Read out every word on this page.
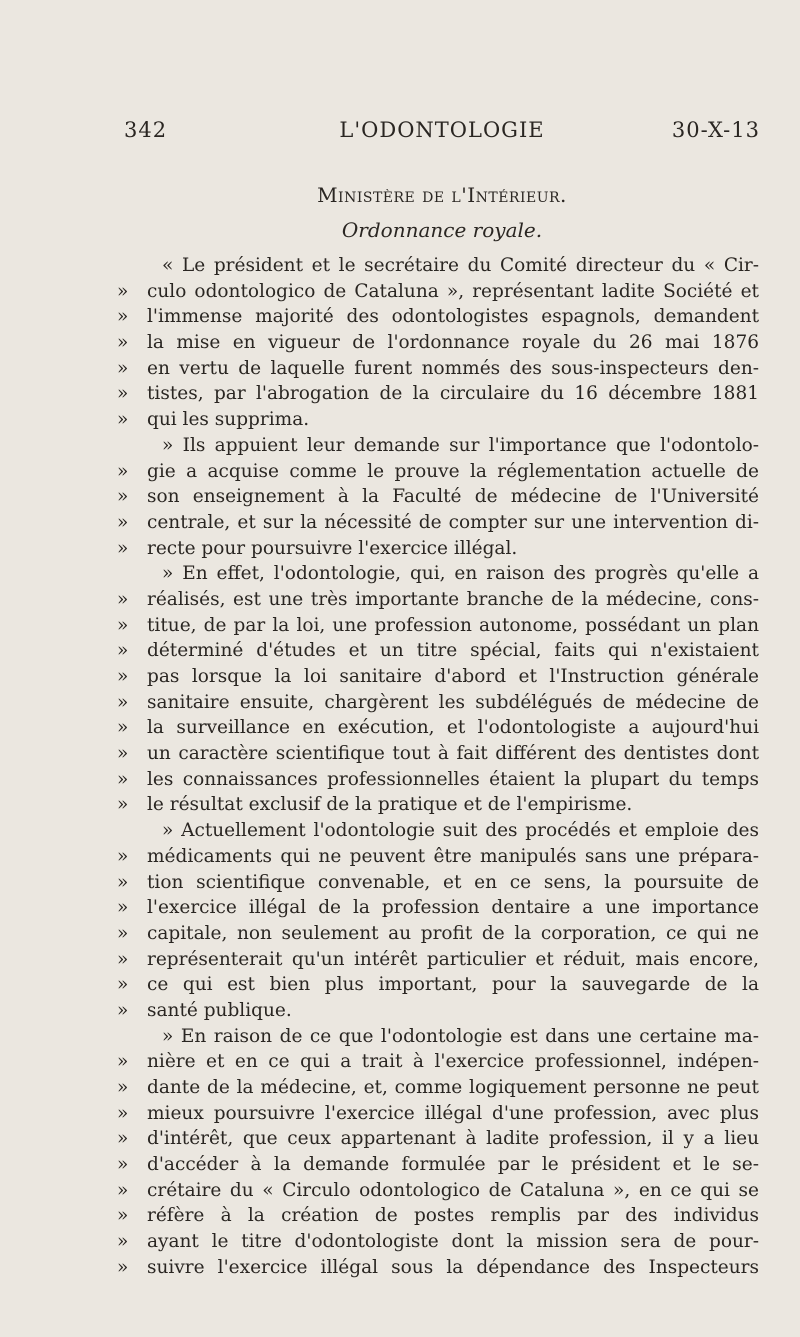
342	L'ODONTOLOGIE	30-X-13
Ministère de l'Intérieur.
Ordonnance royale.
« Le président et le secrétaire du Comité directeur du « Cir-
»	culo odontologico de Cataluna », représentant ladite Société et
»	l'immense majorité des odontologistes espagnols, demandent
»	la mise en vigueur de l'ordonnance royale du 26 mai 1876
»	en vertu de laquelle furent nommés des sous-inspecteurs den-
»	tistes, par l'abrogation de la circulaire du 16 décembre 1881
»	qui les supprima.
» Ils appuient leur demande sur l'importance que l'odontolo-
»	gie a acquise comme le prouve la réglementation actuelle de
»	son enseignement à la Faculté de médecine de l'Université
»	centrale, et sur la nécessité de compter sur une intervention di-
»	recte pour poursuivre l'exercice illégal.
» En effet, l'odontologie, qui, en raison des progrès qu'elle a
»	réalisés, est une très importante branche de la médecine, cons-
»	titue, de par la loi, une profession autonome, possédant un plan
»	déterminé d'études et un titre spécial, faits qui n'existaient
»	pas lorsque la loi sanitaire d'abord et l'Instruction générale
»	sanitaire ensuite, chargèrent les subdélégués de médecine de
»	la surveillance en exécution, et l'odontologiste a aujourd'hui
»	un caractère scientifique tout à fait différent des dentistes dont
»	les connaissances professionnelles étaient la plupart du temps
»	le résultat exclusif de la pratique et de l'empirisme.
» Actuellement l'odontologie suit des procédés et emploie des
»	médicaments qui ne peuvent être manipulés sans une prépara-
»	tion scientifique convenable, et en ce sens, la poursuite de
»	l'exercice illégal de la profession dentaire a une importance
»	capitale, non seulement au profit de la corporation, ce qui ne
»	représenterait qu'un intérêt particulier et réduit, mais encore,
»	ce qui est bien plus important, pour la sauvegarde de la
»	santé publique.
» En raison de ce que l'odontologie est dans une certaine ma-
»	nière et en ce qui a trait à l'exercice professionnel, indépen-
»	dante de la médecine, et, comme logiquement personne ne peut
»	mieux poursuivre l'exercice illégal d'une profession, avec plus
»	d'intérêt, que ceux appartenant à ladite profession, il y a lieu
»	d'accéder à la demande formulée par le président et le se-
»	crétaire du « Circulo odontologico de Cataluna », en ce qui se
»	réfère à la création de postes remplis par des individus
»	ayant le titre d'odontologiste dont la mission sera de pour-
»	suivre l'exercice illégal sous la dépendance des Inspecteurs
